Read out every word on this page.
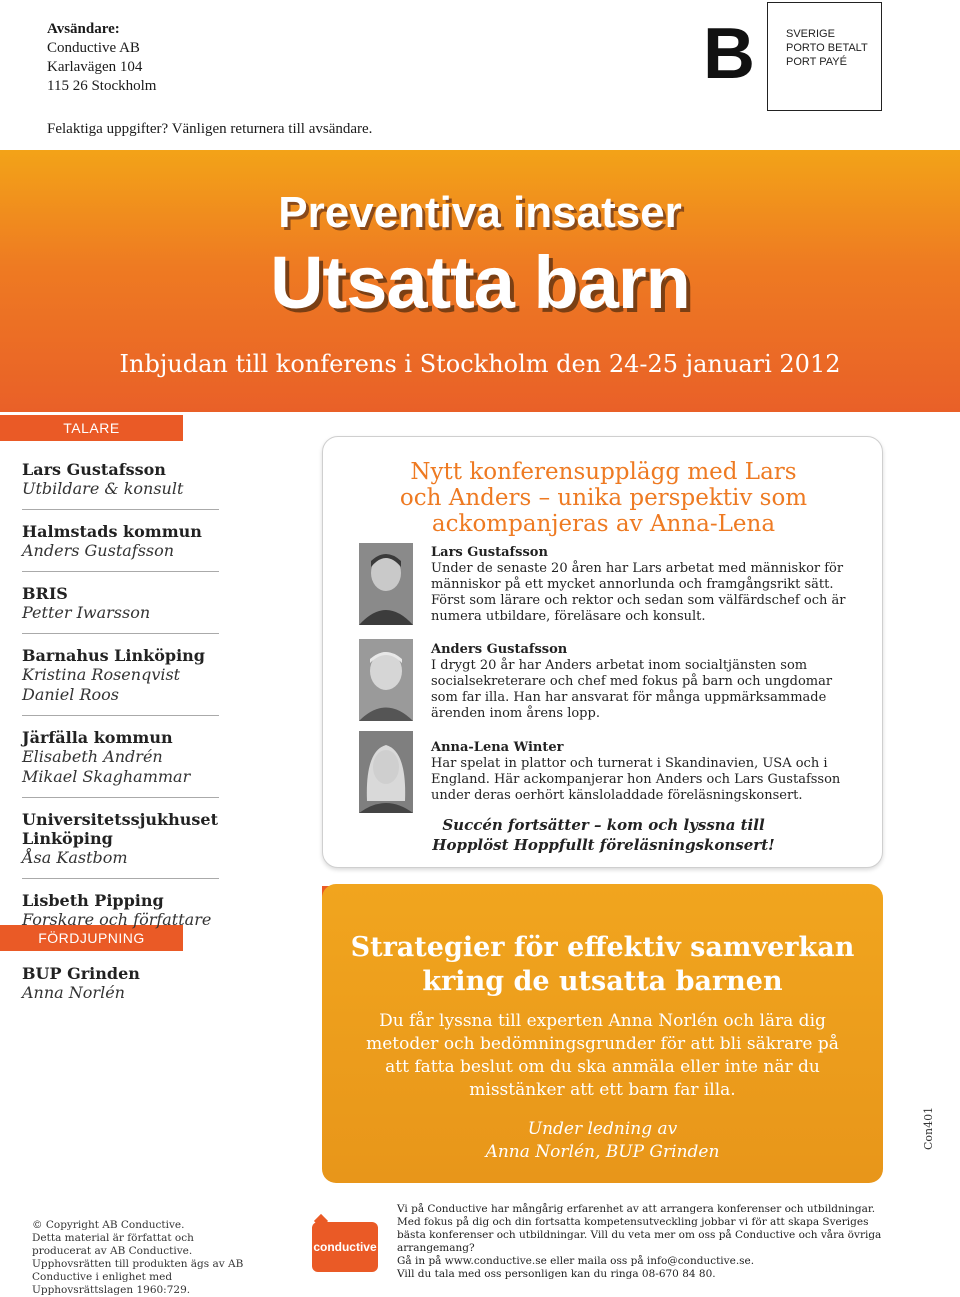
Avsändare:
Conductive AB
Karlavägen 104
115 26 Stockholm
Felaktiga uppgifter? Vänligen returnera till avsändare.
B	SVERIGE
PORTO BETALT
PORT PAYÉ
Preventiva insatser
Utsatta barn
Inbjudan till konferens i Stockholm den 24-25 januari 2012
TALARE
FÖRDJUPNING
Lars Gustafsson
Utbildare & konsult
Halmstads kommun
Anders Gustafsson
BRIS
Petter Iwarsson
Barnahus Linköping
Kristina Rosenqvist
Daniel Roos
Järfälla kommun
Elisabeth Andrén
Mikael Skaghammar
Universitetssjukhuset
Linköping
Åsa Kastbom
Lisbeth Pipping
Forskare och författare
BUP Grinden
Anna Norlén
Nytt konferensupplägg med Lars
och Anders – unika perspektiv som
ackompanjeras av Anna-Lena
Lars Gustafsson
Under de senaste 20 åren har Lars arbetat med människor för människor på ett mycket annorlunda och framgångsrikt sätt. Först som lärare och rektor och sedan som välfärdschef och är numera utbildare, föreläsare och konsult.
Anders Gustafsson
I drygt 20 år har Anders arbetat inom socialtjänsten som socialsekreterare och chef med fokus på barn och ungdomar som far illa. Han har ansvarat för många uppmärksammade ärenden inom årens lopp.
Anna-Lena Winter
Har spelat in plattor och turnerat i Skandinavien, USA och i England. Här ackompanjerar hon Anders och Lars Gustafsson under deras oerhört känsloladdade föreläsningskonsert.
Succén fortsätter – kom och lyssna till
Hopplöst Hoppfullt föreläsningskonsert!
Strategier för effektiv samverkan
kring de utsatta barnen
Du får lyssna till experten Anna Norlén och lära dig metoder och bedömningsgrunder för att bli säkrare på att fatta beslut om du ska anmäla eller inte när du misstänker att ett barn far illa.
Under ledning av
Anna Norlén, BUP Grinden
Con401
© Copyright AB Conductive.
Detta material är författat och producerat av AB Conductive. Upphovsrätten till produkten ägs av AB Conductive i enlighet med Upphovsrättslagen 1960:729.
conductive
Vi på Conductive har mångårig erfarenhet av att arrangera konferenser och utbildningar.
Med fokus på dig och din fortsatta kompetensutveckling jobbar vi för att skapa Sveriges bästa konferenser och utbildningar. Vill du veta mer om oss på Conductive och våra övriga arrangemang?
Gå in på www.conductive.se eller maila oss på info@conductive.se.
Vill du tala med oss personligen kan du ringa 08-670 84 80.
